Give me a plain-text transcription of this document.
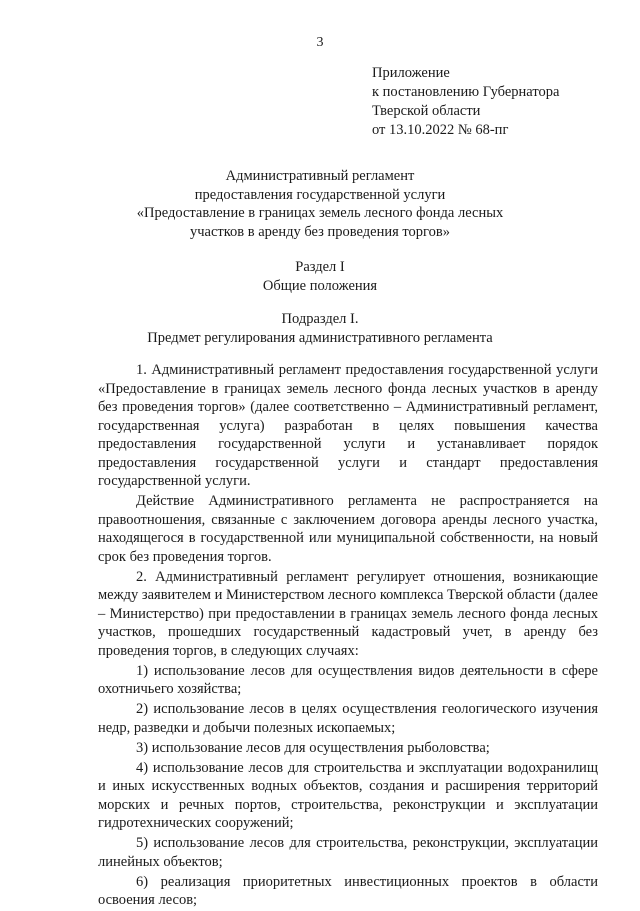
3
Приложение
к постановлению Губернатора
Тверской области
от 13.10.2022 № 68-пг
Административный регламент
предоставления государственной услуги
«Предоставление в границах земель лесного фонда лесных
участков в аренду без проведения торгов»
Раздел I
Общие положения
Подраздел I.
Предмет регулирования административного регламента

1. Административный регламент предоставления государственной услуги «Предоставление в границах земель лесного фонда лесных участков в аренду без проведения торгов» (далее соответственно – Административный регламент, государственная услуга) разработан в целях повышения качества предоставления государственной услуги и устанавливает порядок предоставления государственной услуги и стандарт предоставления государственной услуги.

Действие Административного регламента не распространяется на правоотношения, связанные с заключением договора аренды лесного участка, находящегося в государственной или муниципальной собственности, на новый срок без проведения торгов.

2. Административный регламент регулирует отношения, возникающие между заявителем и Министерством лесного комплекса Тверской области (далее – Министерство) при предоставлении в границах земель лесного фонда лесных участков, прошедших государственный кадастровый учет, в аренду без проведения торгов, в следующих случаях:

1) использование лесов для осуществления видов деятельности в сфере охотничьего хозяйства;

2) использование лесов в целях осуществления геологического изучения недр, разведки и добычи полезных ископаемых;

3) использование лесов для осуществления рыболовства;

4) использование лесов для строительства и эксплуатации водохранилищ и иных искусственных водных объектов, создания и расширения территорий морских и речных портов, строительства, реконструкции и эксплуатации гидротехнических сооружений;

5) использование лесов для строительства, реконструкции, эксплуатации линейных объектов;

6) реализация приоритетных инвестиционных проектов в области освоения лесов;
